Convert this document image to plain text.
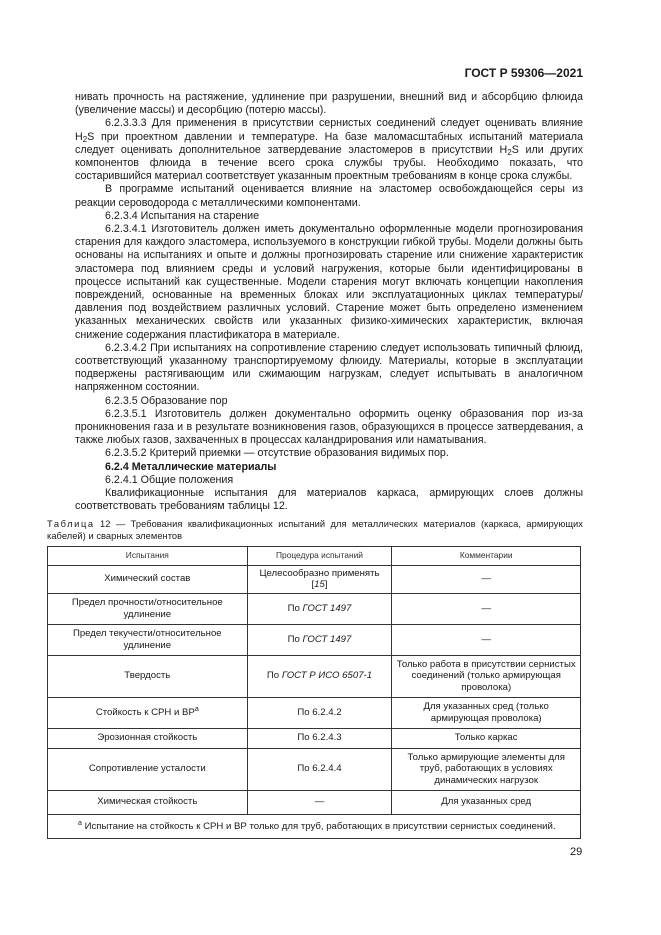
ГОСТ Р 59306—2021

нивать прочность на растяжение, удлинение при разрушении, внешний вид и абсорбцию флюида (увеличение массы) и десорбцию (потерю массы).

6.2.3.3.3 Для применения в присутствии сернистых соединений следует оценивать влияние $H_2S$ при проектном давлении и температуре. На базе маломасштабных испытаний материала следует оценивать дополнительное затвердевание эластомеров в присутствии $H_2S$ или других компонентов флюида в течение всего срока службы трубы. Необходимо показать, что состарившийся материал соответствует указанным проектным требованиям в конце срока службы.

В программе испытаний оценивается влияние на эластомер освобождающейся серы из реакции сероводорода с металлическими компонентами.

6.2.3.4 Испытания на старение

6.2.3.4.1 Изготовитель должен иметь документально оформленные модели прогнозирования старения для каждого эластомера, используемого в конструкции гибкой трубы. Модели должны быть основаны на испытаниях и опыте и должны прогнозировать старение или снижение характеристик эластомера под влиянием среды и условий нагружения, которые были идентифицированы в процессе испытаний как существенные. Модели старения могут включать концепции накопления повреждений, основанные на временных блоках или эксплуатационных циклах температуры/давления под воздействием различных условий. Старение может быть определено изменением указанных механических свойств или указанных физико-химических характеристик, включая снижение содержания пластификатора в материале.

6.2.3.4.2 При испытаниях на сопротивление старению следует использовать типичный флюид, соответствующий указанному транспортируемому флюиду. Материалы, которые в эксплуатации подвержены растягивающим или сжимающим нагрузкам, следует испытывать в аналогичном напряженном состоянии.

6.2.3.5 Образование пор

6.2.3.5.1 Изготовитель должен документально оформить оценку образования пор из-за проникновения газа и в результате возникновения газов, образующихся в процессе затвердевания, а также любых газов, захваченных в процессах каландрирования или наматывания.

6.2.3.5.2 Критерий приемки — отсутствие образования видимых пор.

6.2.4 Металлические материалы

6.2.4.1 Общие положения

Квалификационные испытания для материалов каркаса, армирующих слоев должны соответствовать требованиям таблицы 12.

Таблица 12 — Требования квалификационных испытаний для металлических материалов (каркаса, армирующих кабелей) и сварных элементов
Испытания	Процедура испытаний	Комментарии
Химический состав	Целесообразно применять [15]	—
Предел прочности/относительное удлинение	По ГОСТ 1497	—
Предел текучести/относительное удлинение	По ГОСТ 1497	—
Твердость	По ГОСТ Р ИСО 6507-1	Только работа в присутствии сернистых соединений (только армирующая проволока)
Стойкость к СРН и $ВР^а$	По 6.2.4.2	Для указанных сред (только армирующая проволока)
Эрозионная стойкость	По 6.2.4.3	Только каркас
Сопротивление усталости	По 6.2.4.4	Только армирующие элементы для труб, работающих в условиях динамических нагрузок
Химическая стойкость	—	Для указанных сред
$^а$ Испытание на стойкость к СРН и ВР только для труб, работающих в присутствии сернистых соединений.		
29
